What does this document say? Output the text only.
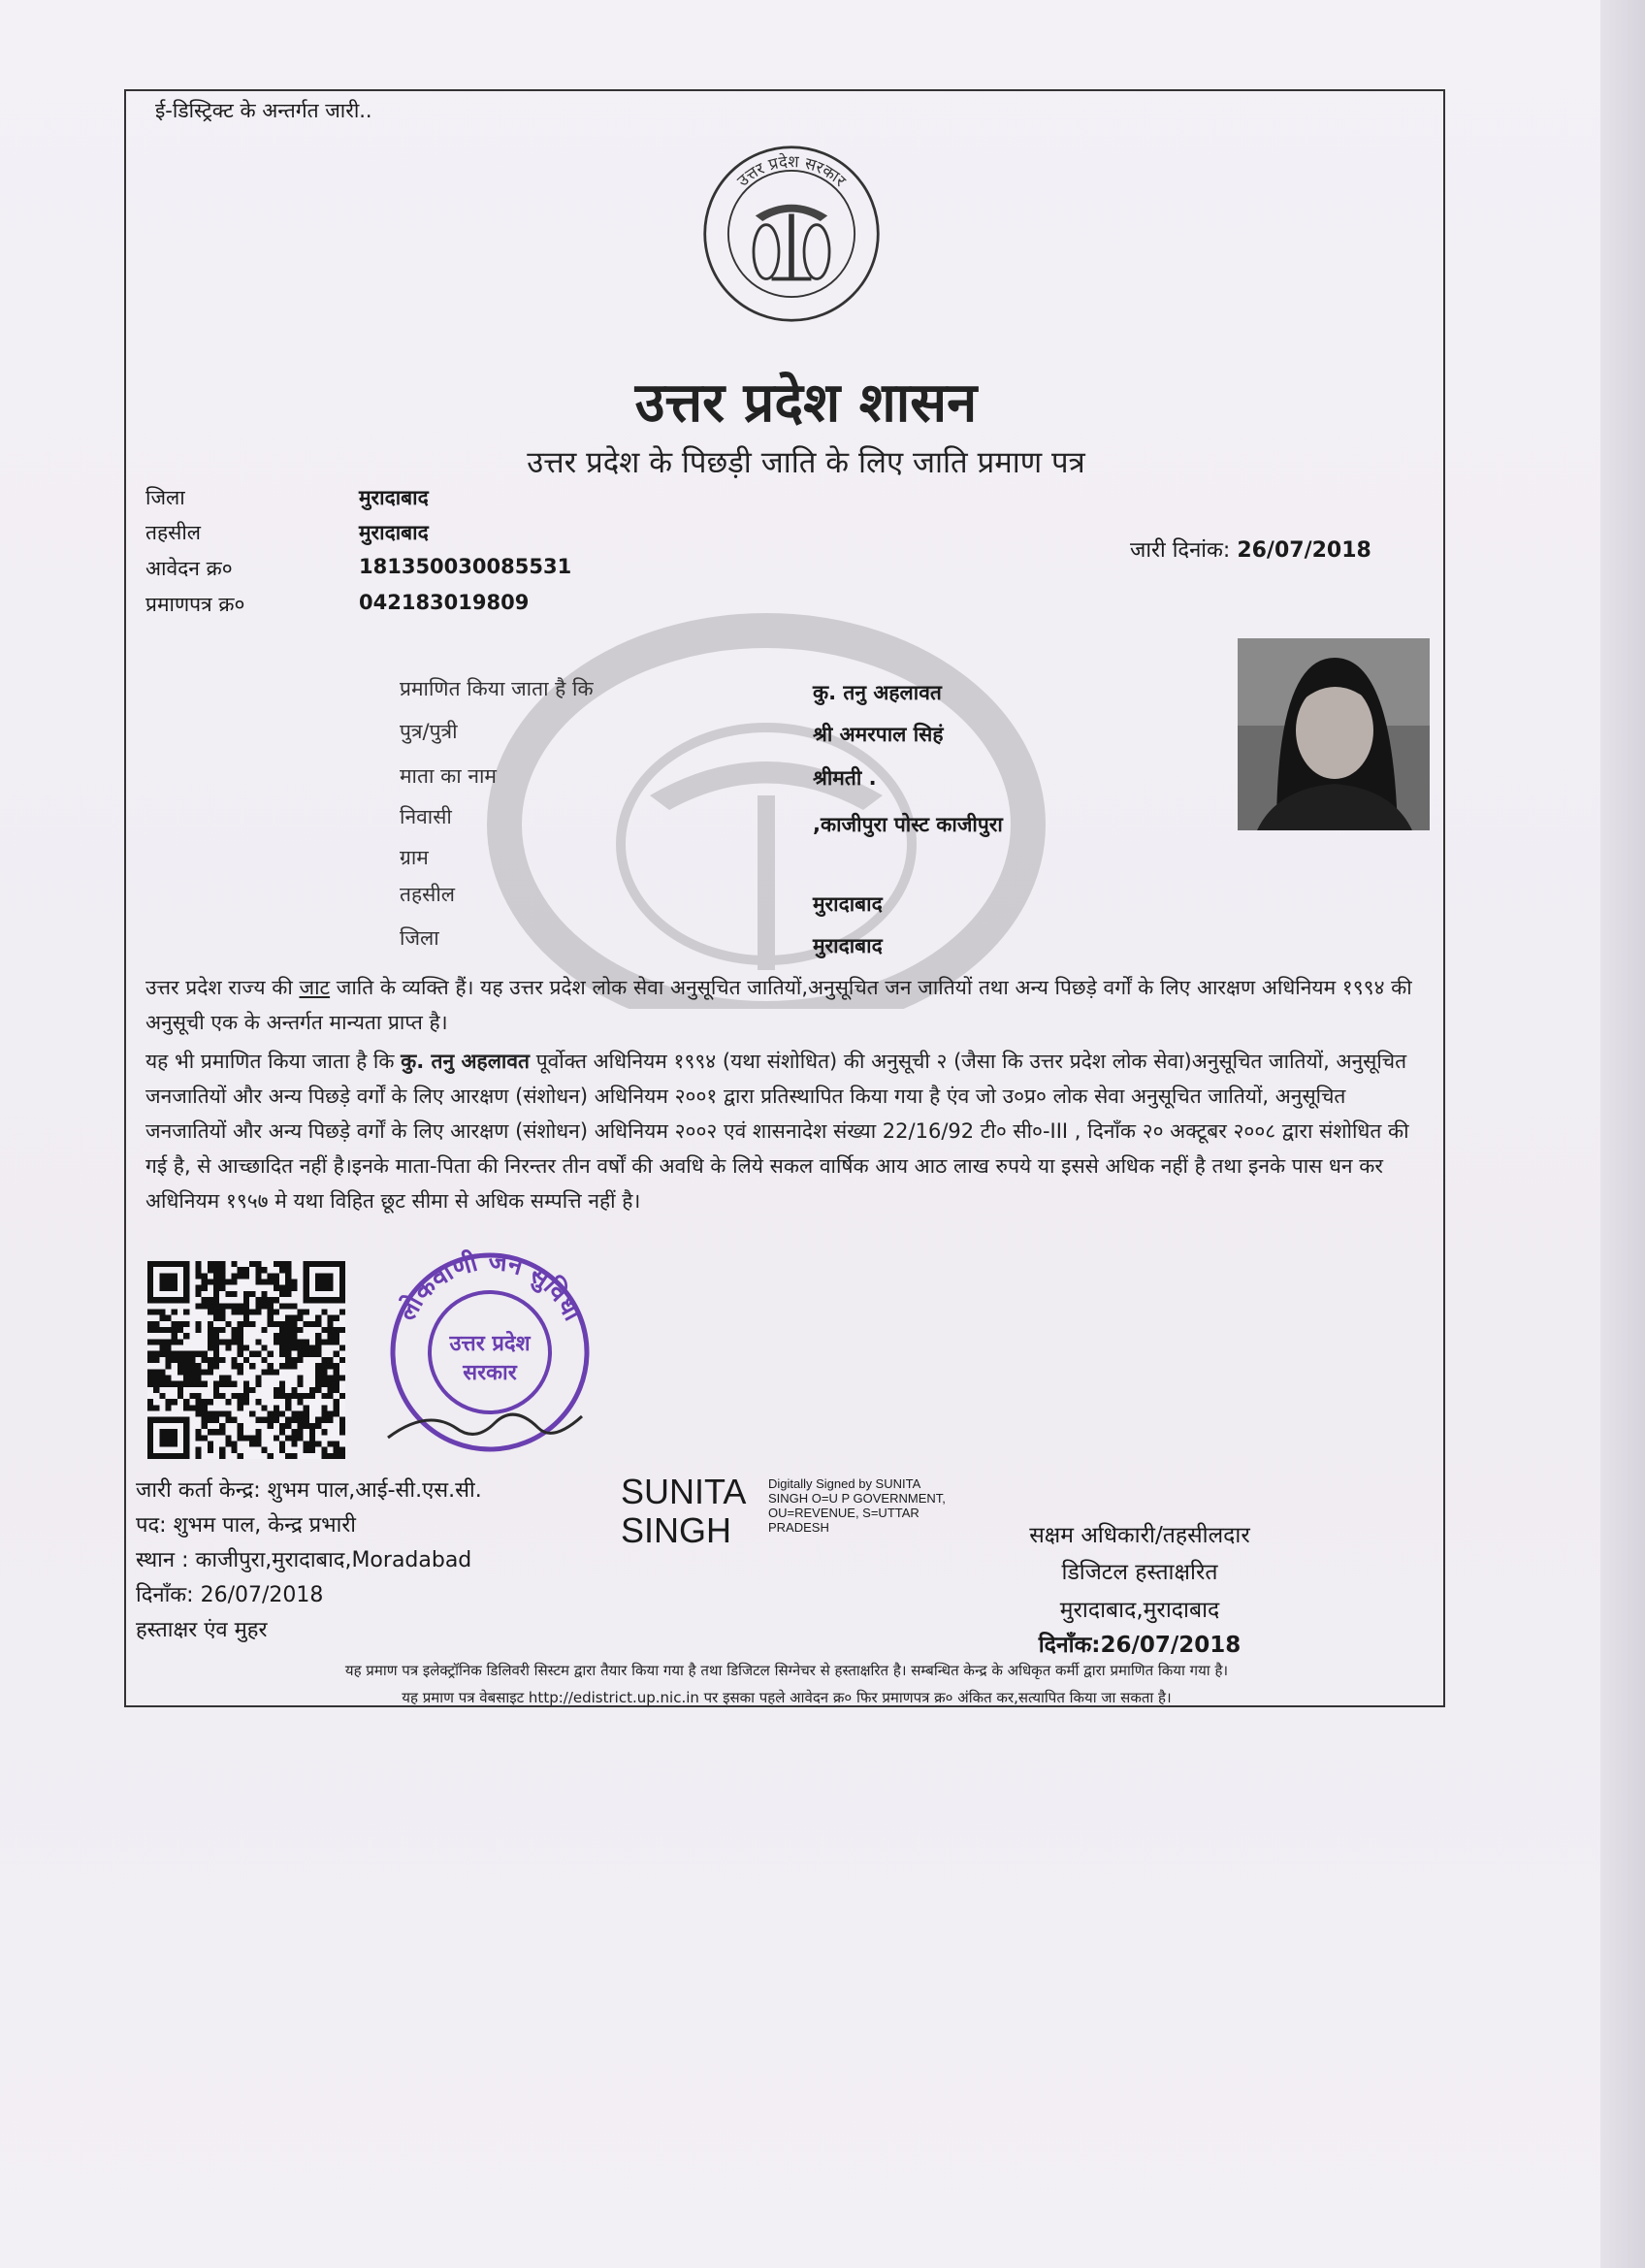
ई-डिस्ट्रिक्ट के अन्तर्गत जारी..
उत्तर प्रदेश सरकार
उत्तर प्रदेश शासन
उत्तर प्रदेश के पिछड़ी जाति के लिए जाति प्रमाण पत्र
जिला	मुरादाबाद
तहसील	मुरादाबाद
आवेदन क्र०	181350030085531
प्रमाणपत्र क्र०	042183019809
जारी दिनांक: 26/07/2018
प्रमाणित किया जाता है कि	कु. तनु अहलावत
पुत्र/पुत्री	श्री अमरपाल सिहं
माता का नाम	श्रीमती .
निवासी	,काजीपुरा पोस्ट काजीपुरा
ग्राम
तहसील	मुरादाबाद
जिला	मुरादाबाद
उत्तर प्रदेश राज्य की जाट जाति के व्यक्ति हैं। यह उत्तर प्रदेश लोक सेवा अनुसूचित जातियों,अनुसूचित जन जातियों तथा अन्य पिछड़े वर्गों के लिए आरक्षण अधिनियम १९९४ की अनुसूची एक के अन्तर्गत मान्यता प्राप्त है।
यह भी प्रमाणित किया जाता है कि कु. तनु अहलावत पूर्वोक्त अधिनियम १९९४ (यथा संशोधित) की अनुसूची २ (जैसा कि उत्तर प्रदेश लोक सेवा)अनुसूचित जातियों, अनुसूचित जनजातियों और अन्य पिछड़े वर्गों के लिए आरक्षण (संशोधन) अधिनियम २००१ द्वारा प्रतिस्थापित किया गया है एंव जो उ०प्र० लोक सेवा अनुसूचित जातियों, अनुसूचित जनजातियों और अन्य पिछड़े वर्गों के लिए आरक्षण (संशोधन) अधिनियम २००२ एवं शासनादेश संख्या 22/16/92 टी० सी०-III , दिनाँक २० अक्टूबर २००८ द्वारा संशोधित की गई है, से आच्छादित नहीं है।इनके माता-पिता की निरन्तर तीन वर्षों की अवधि के लिये सकल वार्षिक आय आठ लाख रुपये या इससे अधिक नहीं है तथा इनके पास धन कर अधिनियम १९५७ मे यथा विहित छूट सीमा से अधिक सम्पत्ति नहीं है।
लोकवाणी जन सुविधा
उत्तर प्रदेश
सरकार
जारी कर्ता केन्द्र: शुभम पाल,आई-सी.एस.सी.
पद: शुभम पाल, केन्द्र प्रभारी
स्थान : काजीपुरा,मुरादाबाद,Moradabad
दिनाँक: 26/07/2018
हस्ताक्षर एंव मुहर
SUNITA
SINGH
Digitally Signed by SUNITA SINGH O=U P GOVERNMENT, OU=REVENUE, S=UTTAR PRADESH	सक्षम अधिकारी/तहसीलदार
डिजिटल हस्ताक्षरित
मुरादाबाद,मुरादाबाद
दिनाँक:26/07/2018
यह प्रमाण पत्र इलेक्ट्रॉनिक डिलिवरी सिस्टम द्वारा तैयार किया गया है तथा डिजिटल सिग्नेचर से हस्ताक्षरित है। सम्बन्धित केन्द्र के अधिकृत कर्मी द्वारा प्रमाणित किया गया है।
यह प्रमाण पत्र वेबसाइट http://edistrict.up.nic.in पर इसका पहले आवेदन क्र० फिर प्रमाणपत्र क्र० अंकित कर,सत्यापित किया जा सकता है।
